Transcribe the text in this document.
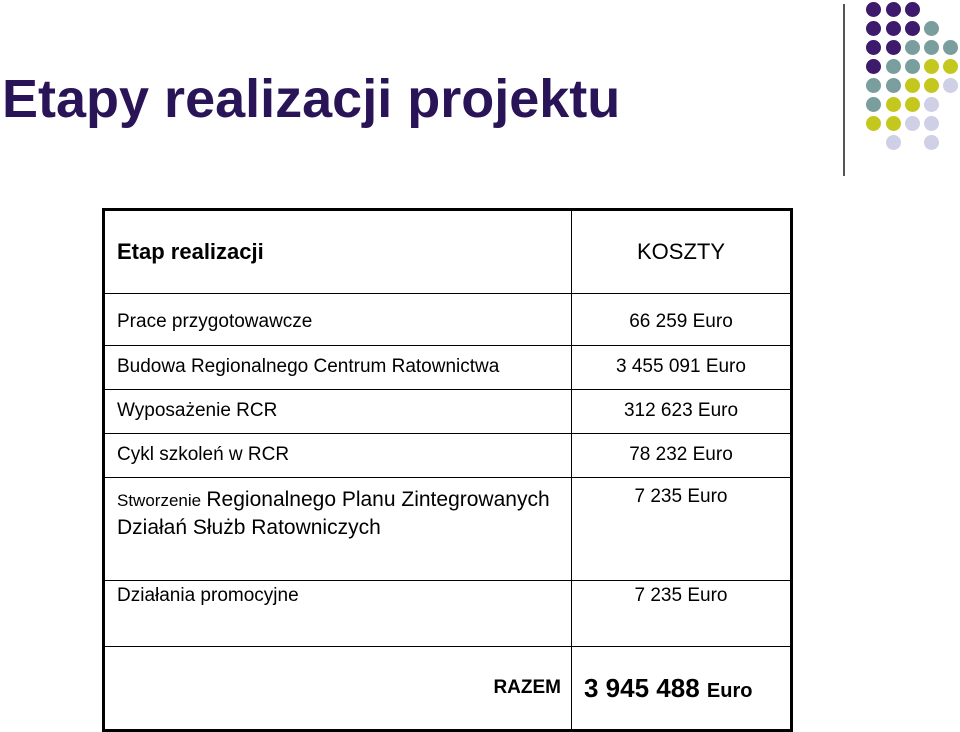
Etapy realizacji projektu
Etap realizacji	KOSZTY
Prace przygotowawcze	66 259 Euro
Budowa Regionalnego Centrum Ratownictwa	3 455 091 Euro
Wyposażenie RCR	312 623 Euro
Cykl szkoleń w RCR	78 232 Euro
Stworzenie Regionalnego Planu Zintegrowanych Działań Służb Ratowniczych	7 235 Euro
Działania promocyjne	7 235 Euro
RAZEM	3 945 488 Euro
